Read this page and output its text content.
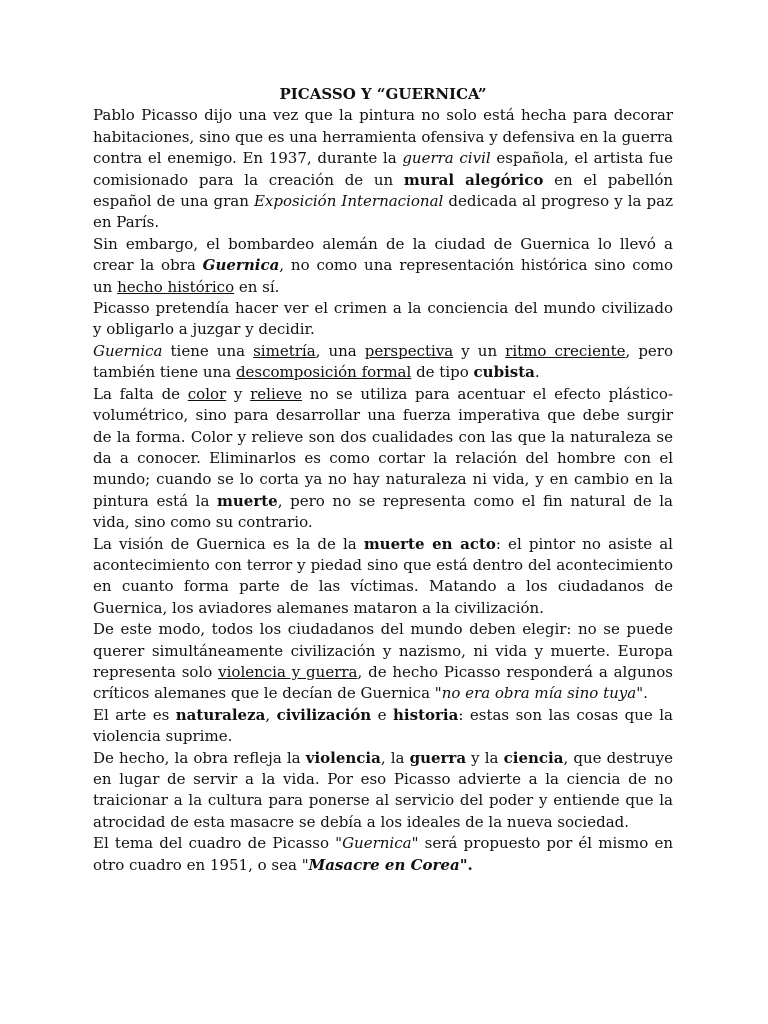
PICASSO Y “GUERNICA”

Pablo Picasso dijo una vez que la pintura no solo está hecha para decorar habitaciones, sino que es una herramienta ofensiva y defensiva en la guerra contra el enemigo. En 1937, durante la guerra civil española, el artista fue comisionado para la creación de un mural alegórico en el pabellón español de una gran Exposición Internacional dedicada al progreso y la paz en París.

Sin embargo, el bombardeo alemán de la ciudad de Guernica lo llevó a crear la obra Guernica, no como una representación histórica sino como un hecho histórico en sí.

Picasso pretendía hacer ver el crimen a la conciencia del mundo civilizado y obligarlo a juzgar y decidir.

Guernica tiene una simetría, una perspectiva y un ritmo creciente, pero también tiene una descomposición formal de tipo cubista.

La falta de color y relieve no se utiliza para acentuar el efecto plástico-volumétrico, sino para desarrollar una fuerza imperativa que debe surgir de la forma. Color y relieve son dos cualidades con las que la naturaleza se da a conocer. Eliminarlos es como cortar la relación del hombre con el mundo; cuando se lo corta ya no hay naturaleza ni vida, y en cambio en la pintura está la muerte, pero no se representa como el fin natural de la vida, sino como su contrario.

La visión de Guernica es la de la muerte en acto: el pintor no asiste al acontecimiento con terror y piedad sino que está dentro del acontecimiento en cuanto forma parte de las víctimas. Matando a los ciudadanos de Guernica, los aviadores alemanes mataron a la civilización.

De este modo, todos los ciudadanos del mundo deben elegir: no se puede querer simultáneamente civilización y nazismo, ni vida y muerte. Europa representa solo violencia y guerra, de hecho Picasso responderá a algunos críticos alemanes que le decían de Guernica "no era obra mía sino tuya".

El arte es naturaleza, civilización e historia: estas son las cosas que la violencia suprime.

De hecho, la obra refleja la violencia, la guerra y la ciencia, que destruye en lugar de servir a la vida. Por eso Picasso advierte a la ciencia de no traicionar a la cultura para ponerse al servicio del poder y entiende que la atrocidad de esta masacre se debía a los ideales de la nueva sociedad.

El tema del cuadro de Picasso "Guernica" será propuesto por él mismo en otro cuadro en 1951, o sea "Masacre en Corea".
